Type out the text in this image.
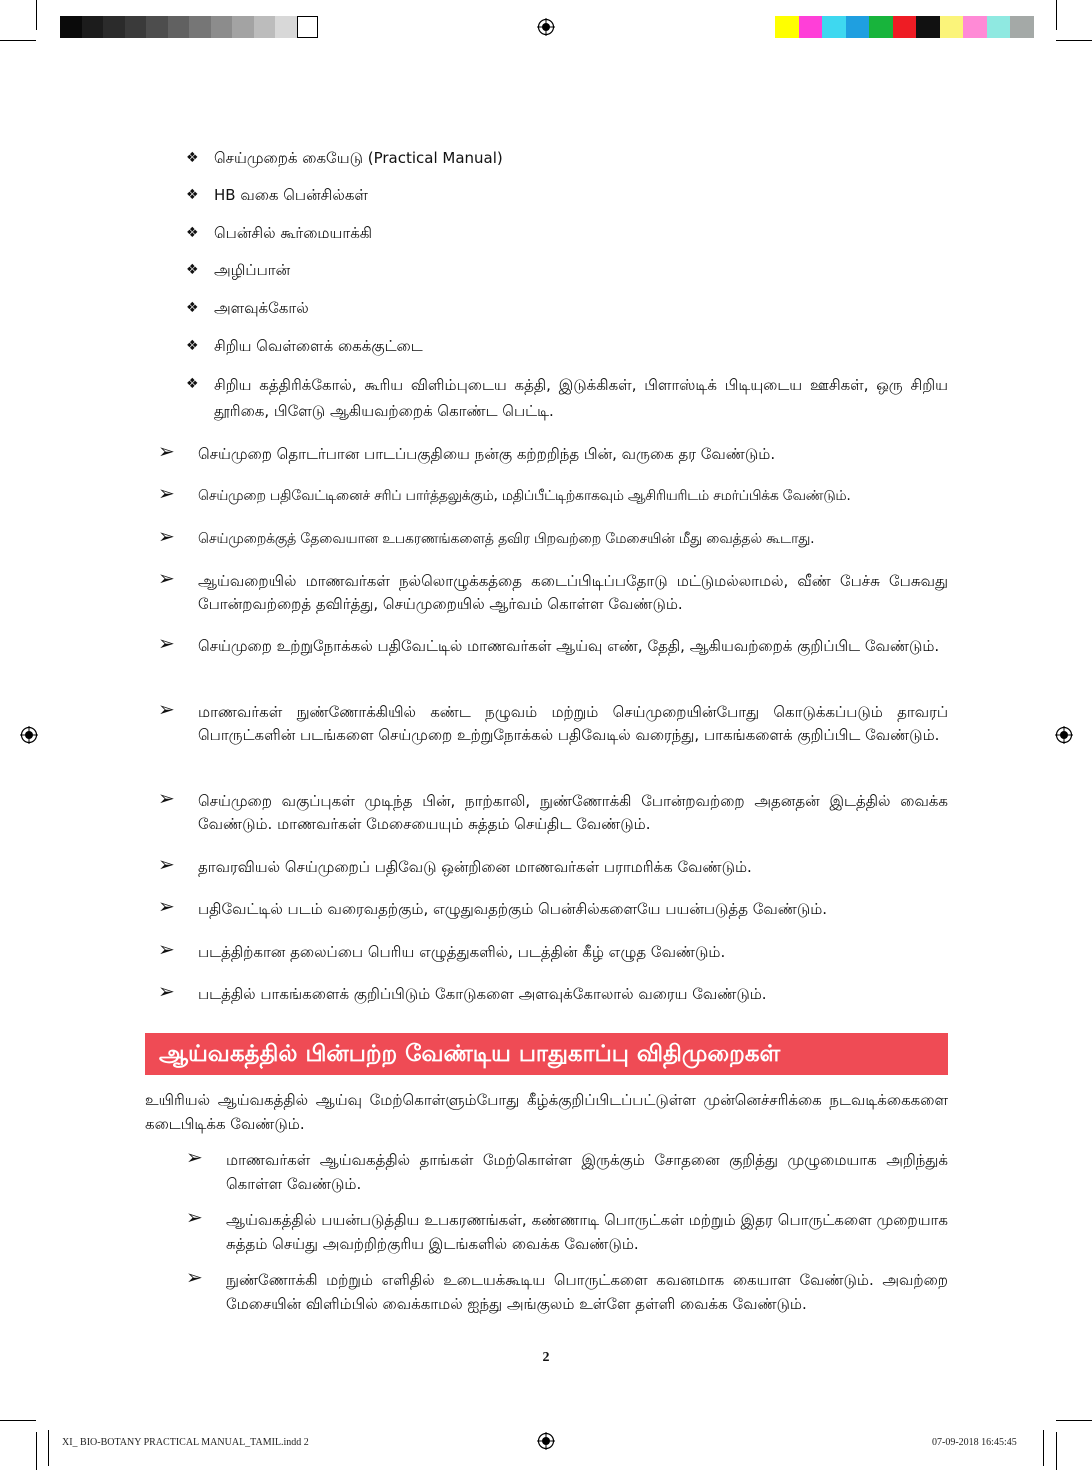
❖	செய்முறைக் கையேடு (Practical Manual)
❖	HB வகை பென்சில்கள்
❖	பென்சில் கூர்மையாக்கி
❖	அழிப்பான்
❖	அளவுக்கோல்
❖	சிறிய வெள்ளைக் கைக்குட்டை
❖	சிறிய கத்திரிக்கோல், கூரிய விளிம்புடைய கத்தி, இடுக்கிகள், பிளாஸ்டிக் பிடியுடைய ஊசிகள், ஒரு சிறிய தூரிகை, பிளேடு ஆகியவற்றைக் கொண்ட பெட்டி.
➢ செய்முறை தொடர்பான பாடப்பகுதியை நன்கு கற்றறிந்த பின், வருகை தர வேண்டும்.
➢ செய்முறை பதிவேட்டினைச் சரிப் பார்த்தலுக்கும், மதிப்பீட்டிற்காகவும் ஆசிரியரிடம் சமர்ப்பிக்க வேண்டும்.
➢ செய்முறைக்குத் தேவையான உபகரணங்களைத் தவிர பிறவற்றை மேசையின் மீது வைத்தல் கூடாது.
➢ ஆய்வறையில் மாணவர்கள் நல்லொழுக்கத்தை கடைப்பிடிப்பதோடு மட்டுமல்லாமல், வீண் பேச்சு பேசுவது போன்றவற்றைத் தவிர்த்து, செய்முறையில் ஆர்வம் கொள்ள வேண்டும்.
➢ செய்முறை உற்றுநோக்கல் பதிவேட்டில் மாணவர்கள் ஆய்வு எண், தேதி, ஆகியவற்றைக் குறிப்பிட வேண்டும்.
➢ மாணவர்கள் நுண்ணோக்கியில் கண்ட நழுவம் மற்றும் செய்முறையின்போது கொடுக்கப்படும் தாவரப் பொருட்களின் படங்களை செய்முறை உற்றுநோக்கல் பதிவேடில் வரைந்து, பாகங்களைக் குறிப்பிட வேண்டும்.
➢ செய்முறை வகுப்புகள் முடிந்த பின், நாற்காலி, நுண்ணோக்கி போன்றவற்றை அதனதன் இடத்தில் வைக்க வேண்டும். மாணவர்கள் மேசையையும் சுத்தம் செய்திட வேண்டும்.
➢ தாவரவியல் செய்முறைப் பதிவேடு ஒன்றினை மாணவர்கள் பராமரிக்க வேண்டும்.
➢ பதிவேட்டில் படம் வரைவதற்கும், எழுதுவதற்கும் பென்சில்களையே பயன்படுத்த வேண்டும்.
➢ படத்திற்கான தலைப்பை பெரிய எழுத்துகளில், படத்தின் கீழ் எழுத வேண்டும்.
➢ படத்தில் பாகங்களைக் குறிப்பிடும் கோடுகளை அளவுக்கோலால் வரைய வேண்டும்.
ஆய்வகத்தில் பின்பற்ற வேண்டிய பாதுகாப்பு விதிமுறைகள்
உயிரியல் ஆய்வகத்தில் ஆய்வு மேற்கொள்ளும்போது கீழ்க்குறிப்பிடப்பட்டுள்ள முன்னெச்சரிக்கை நடவடிக்கைகளை கடைபிடிக்க வேண்டும்.
➢ மாணவர்கள் ஆய்வகத்தில் தாங்கள் மேற்கொள்ள இருக்கும் சோதனை குறித்து முழுமையாக அறிந்துக் கொள்ள வேண்டும்.
➢ ஆய்வகத்தில் பயன்படுத்திய உபகரணங்கள், கண்ணாடி பொருட்கள் மற்றும் இதர பொருட்களை முறையாக சுத்தம் செய்து அவற்றிற்குரிய இடங்களில் வைக்க வேண்டும்.
➢ நுண்ணோக்கி மற்றும் எளிதில் உடையக்கூடிய பொருட்களை கவனமாக கையாள வேண்டும். அவற்றை மேசையின் விளிம்பில் வைக்காமல் ஐந்து அங்குலம் உள்ளே தள்ளி வைக்க வேண்டும்.
2
XI_ BIO-BOTANY PRACTICAL MANUAL_TAMIL.indd 2	07-09-2018 16:45:45
